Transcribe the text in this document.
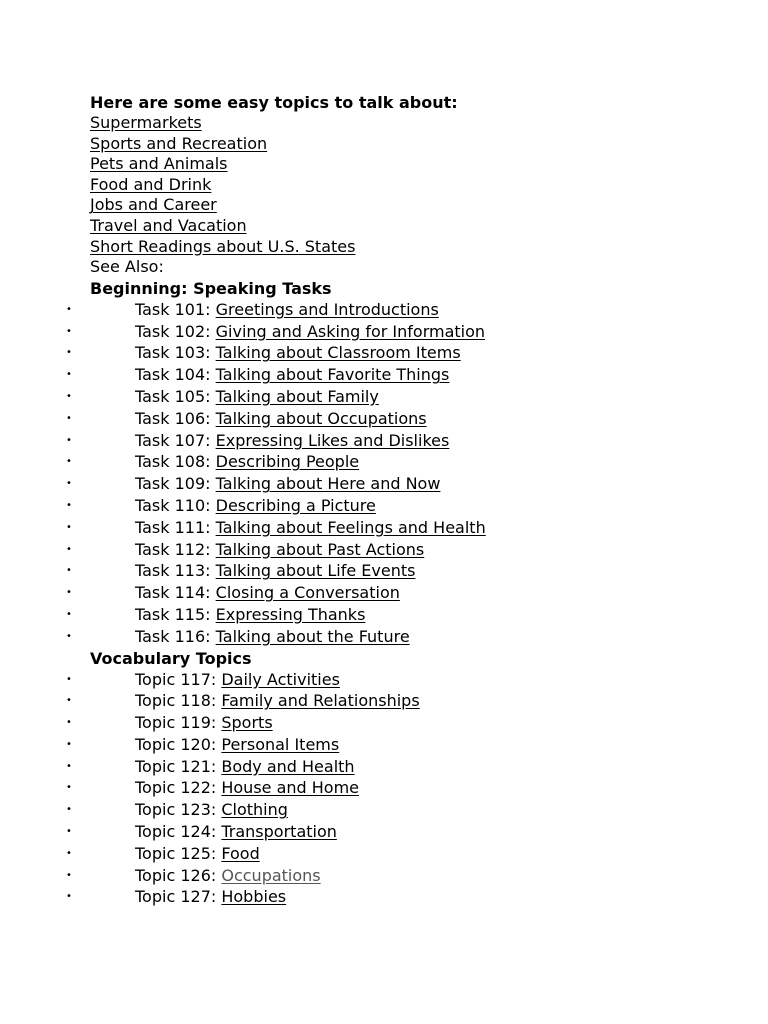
Here are some easy topics to talk about:
Supermarkets
Sports and Recreation
Pets and Animals
Food and Drink
Jobs and Career
Travel and Vacation
Short Readings about U.S. States
See Also:
Beginning: Speaking Tasks
•	Task 101: Greetings and Introductions
•	Task 102: Giving and Asking for Information
•	Task 103: Talking about Classroom Items
•	Task 104: Talking about Favorite Things
•	Task 105: Talking about Family
•	Task 106: Talking about Occupations
•	Task 107: Expressing Likes and Dislikes
•	Task 108: Describing People
•	Task 109: Talking about Here and Now
•	Task 110: Describing a Picture
•	Task 111: Talking about Feelings and Health
•	Task 112: Talking about Past Actions
•	Task 113: Talking about Life Events
•	Task 114: Closing a Conversation
•	Task 115: Expressing Thanks
•	Task 116: Talking about the Future
Vocabulary Topics
•	Topic 117: Daily Activities
•	Topic 118: Family and Relationships
•	Topic 119: Sports
•	Topic 120: Personal Items
•	Topic 121: Body and Health
•	Topic 122: House and Home
•	Topic 123: Clothing
•	Topic 124: Transportation
•	Topic 125: Food
•	Topic 126: Occupations
•	Topic 127: Hobbies
